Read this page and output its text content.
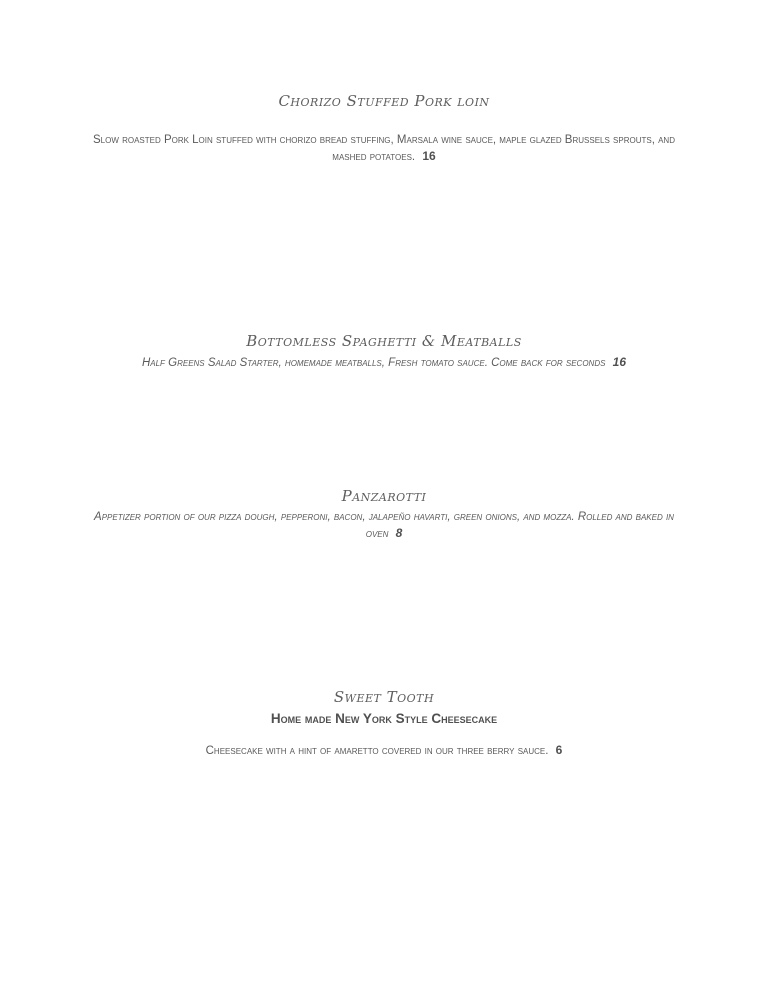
Chorizo Stuffed Pork loin

Slow roasted Pork Loin stuffed with chorizo bread stuffing, Marsala wine sauce, maple glazed Brussels sprouts, and mashed potatoes. 16

Bottomless Spaghetti & Meatballs

Half Greens Salad Starter, homemade meatballs, Fresh tomato sauce. Come back for seconds 16

Panzarotti

Appetizer portion of our pizza dough, pepperoni, bacon, jalapeño havarti, green onions, and mozza. Rolled and baked in oven 8

Sweet Tooth

Home made New York Style Cheesecake

Cheesecake with a hint of amaretto covered in our three berry sauce. 6
